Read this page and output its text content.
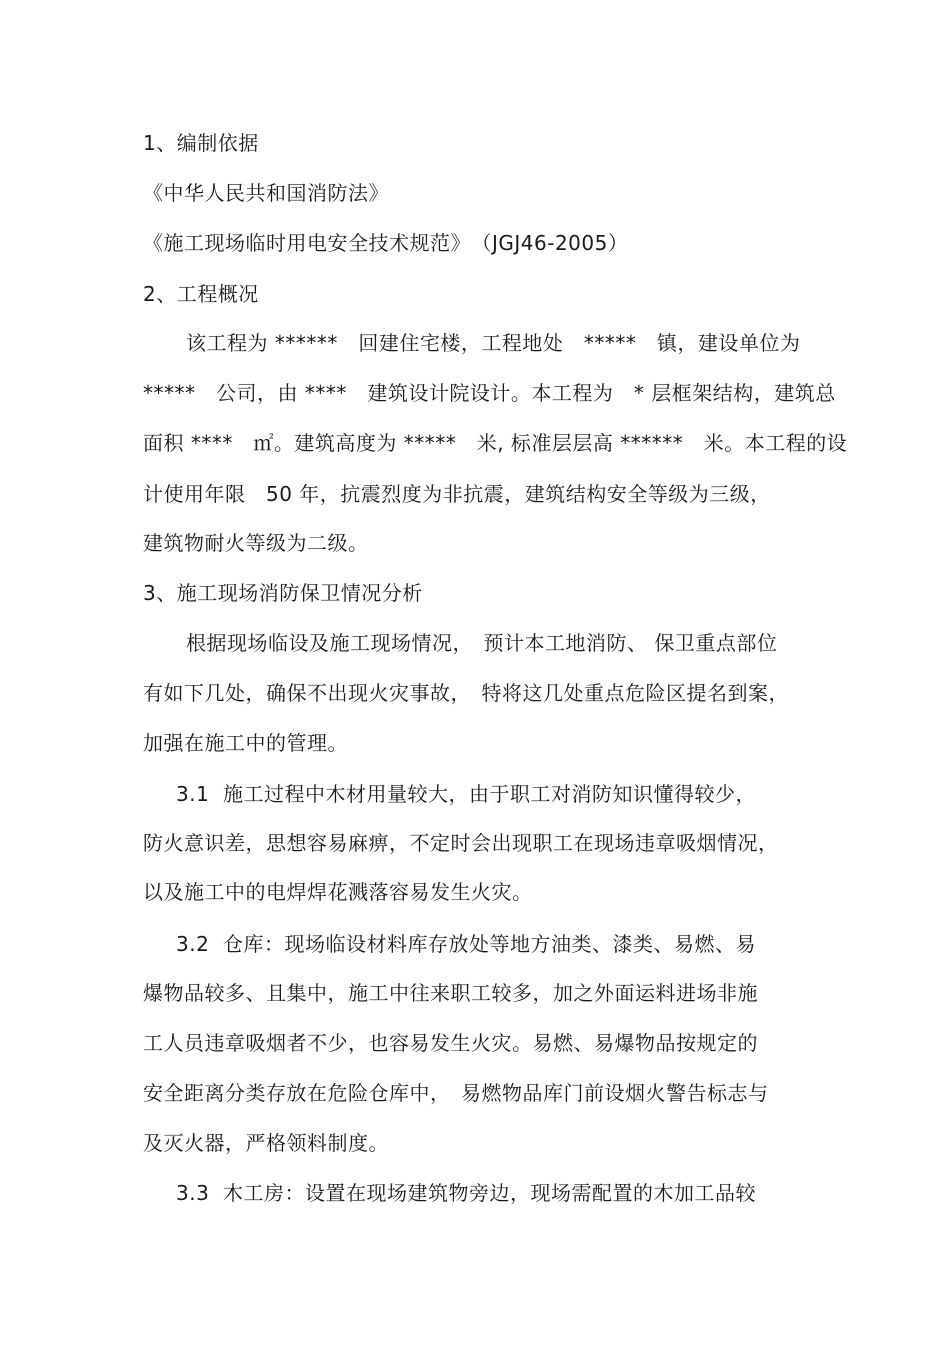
1、编制依据
《中华人民共和国消防法》
《施工现场临时用电安全技术规范》　（JGJ46-2005）
2、工程概况
该工程为 ******　回建住宅楼，工程地处　*****　镇，建设单位为
*****　公司，由 ****　建筑设计院设计。本工程为　* 层框架结构，建筑总
面积 ****　㎡。建筑高度为 *****　米, 标准层层高 ******　米。本工程的设
计使用年限　50 年，抗震烈度为非抗震，建筑结构安全等级为三级，
建筑物耐火等级为二级。
3、施工现场消防保卫情况分析
根据现场临设及施工现场情况，　预计本工地消防、 保卫重点部位
有如下几处，确保不出现火灾事故，　特将这几处重点危险区提名到案，
加强在施工中的管理。
3.1  施工过程中木材用量较大，由于职工对消防知识懂得较少，
防火意识差，思想容易麻痹，不定时会出现职工在现场违章吸烟情况，
以及施工中的电焊焊花溅落容易发生火灾。
3.2  仓库：现场临设材料库存放处等地方油类、漆类、易燃、易
爆物品较多、且集中，施工中往来职工较多，加之外面运料进场非施
工人员违章吸烟者不少，也容易发生火灾。易燃、易爆物品按规定的
安全距离分类存放在危险仓库中，　易燃物品库门前设烟火警告标志与
及灭火器，严格领料制度。
3.3  木工房：设置在现场建筑物旁边，现场需配置的木加工品较
